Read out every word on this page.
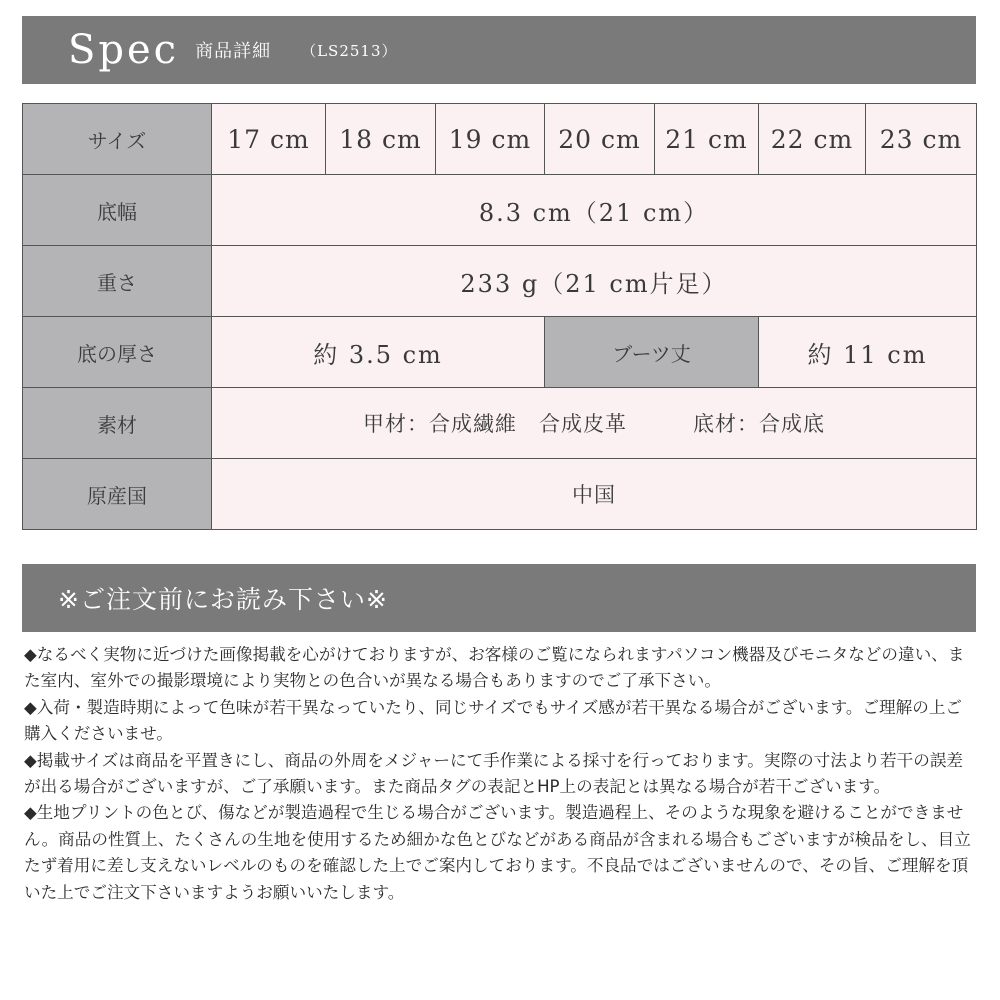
Spec 商品詳細 （LS2513）
サイズ	17 cm	18 cm	19 cm	20 cm	21 cm	22 cm	23 cm
底幅	8.3 cm（21 cm）						
重さ	233 g（21 cm片足）						
底の厚さ	約 3.5 cm			ブーツ丈		約 11 cm	
素材	甲材：合成繊維　合成皮革　　　底材：合成底						
原産国	中国						
※ご注文前にお読み下さい※

◆なるべく実物に近づけた画像掲載を心がけておりますが、お客様のご覧になられますパソコン機器及びモニタなどの違い、また室内、室外での撮影環境により実物との色合いが異なる場合もありますのでご了承下さい。

◆入荷・製造時期によって色味が若干異なっていたり、同じサイズでもサイズ感が若干異なる場合がございます。ご理解の上ご購入くださいませ。

◆掲載サイズは商品を平置きにし、商品の外周をメジャーにて手作業による採寸を行っております。実際の寸法より若干の誤差が出る場合がございますが、ご了承願います。また商品タグの表記とHP上の表記とは異なる場合が若干ございます。

◆生地プリントの色とび、傷などが製造過程で生じる場合がございます。製造過程上、そのような現象を避けることができません。商品の性質上、たくさんの生地を使用するため細かな色とびなどがある商品が含まれる場合もございますが検品をし、目立たず着用に差し支えないレベルのものを確認した上でご案内しております。不良品ではございませんので、その旨、ご理解を頂いた上でご注文下さいますようお願いいたします。
